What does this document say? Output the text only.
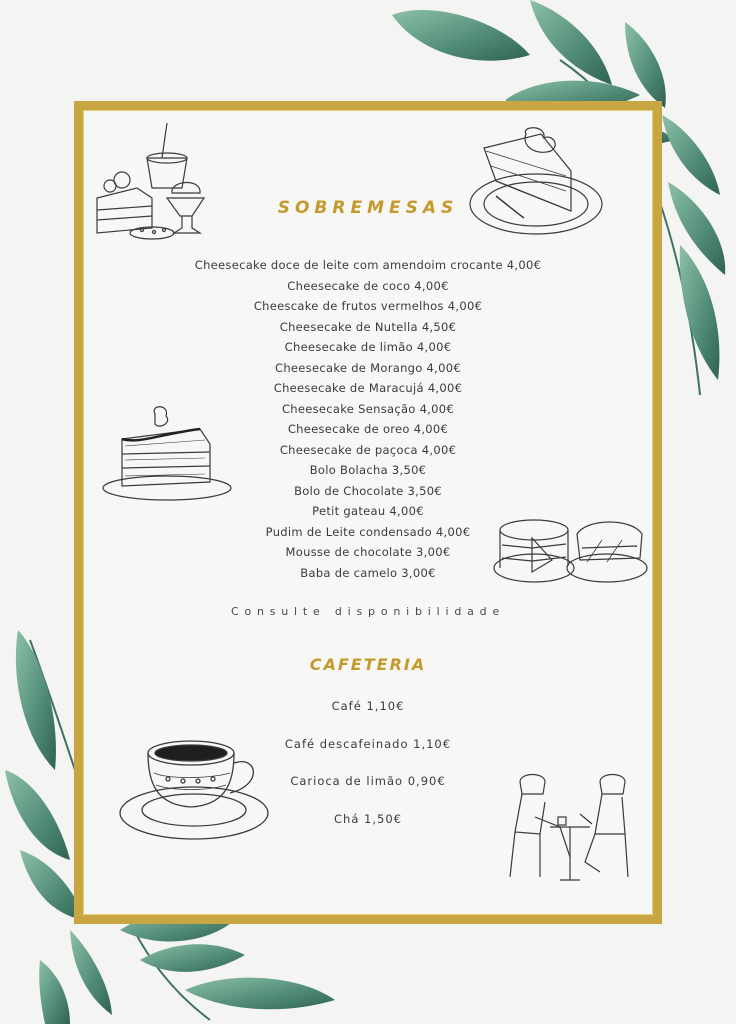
SOBREMESAS
Cheesecake doce de leite com amendoim crocante 4,00€
Cheesecake de coco 4,00€
Cheescake de frutos vermelhos 4,00€
Cheesecake de Nutella 4,50€
Cheesecake de limão 4,00€
Cheesecake de Morango 4,00€
Cheesecake de Maracujá 4,00€
Cheesecake Sensação 4,00€
Cheesecake de oreo 4,00€
Cheesecake de paçoca 4,00€
Bolo Bolacha 3,50€
Bolo de Chocolate 3,50€
Petit gateau 4,00€
Pudim de Leite condensado 4,00€
Mousse de chocolate 3,00€
Baba de camelo 3,00€
Consulte disponibilidade
CAFETERIA
Café 1,10€
Café descafeinado 1,10€
Carioca de limão 0,90€
Chá 1,50€
